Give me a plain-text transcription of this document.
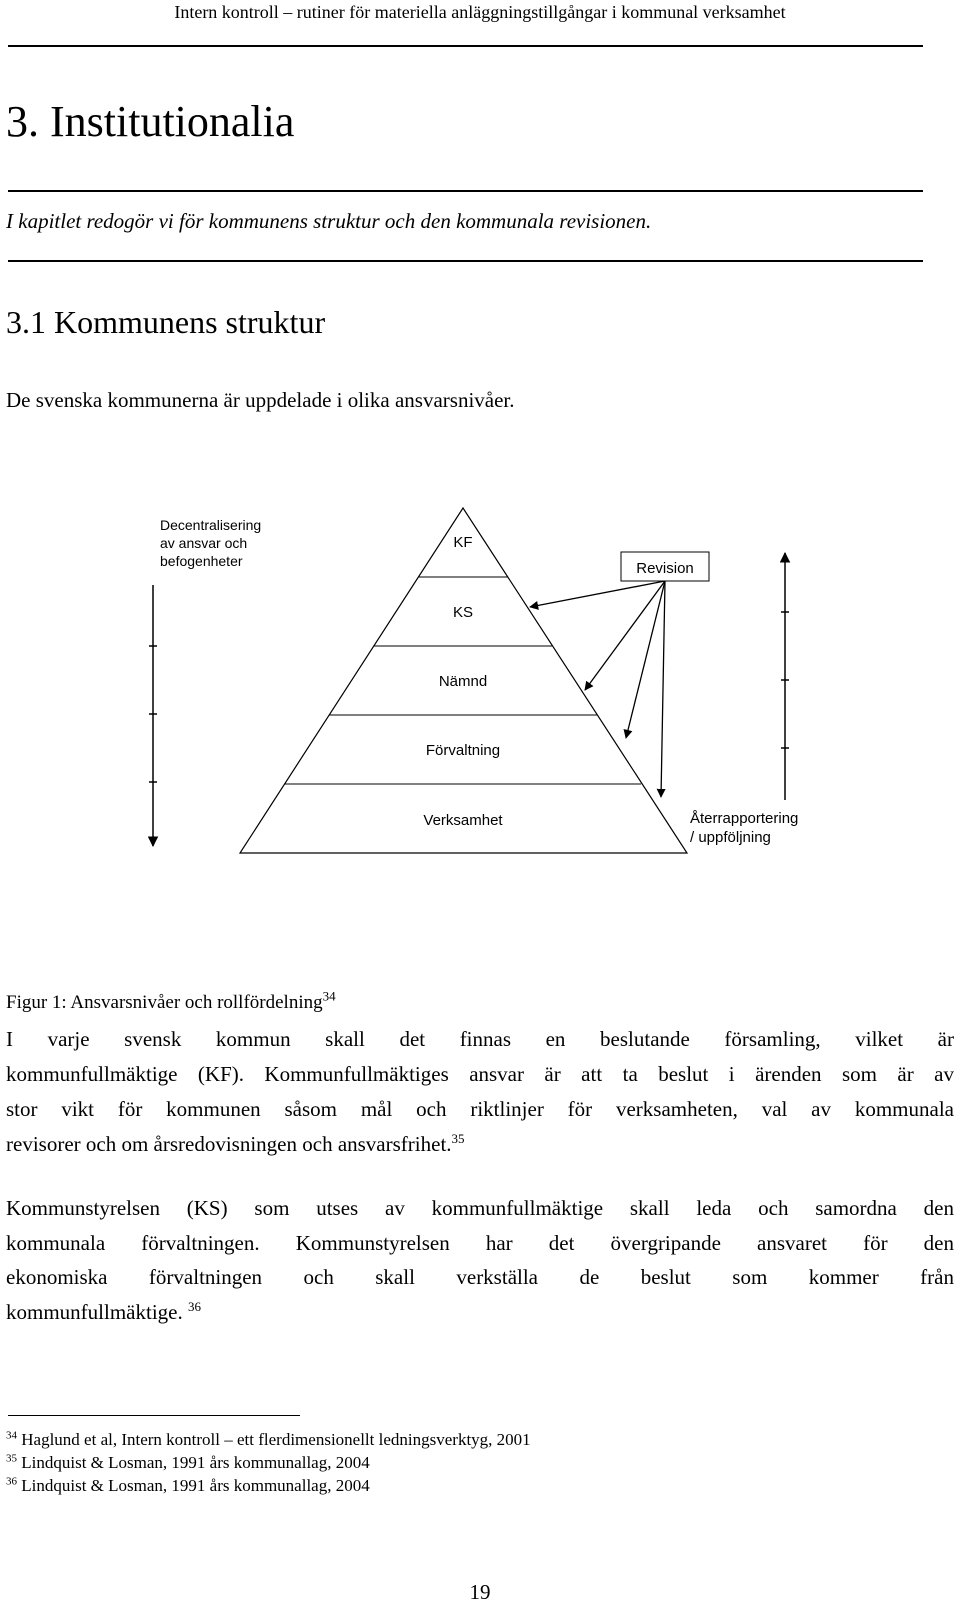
Intern kontroll – rutiner för materiella anläggningstillgångar i kommunal verksamhet
3. Institutionalia
I kapitlet redogör vi för kommunens struktur och den kommunala revisionen.
3.1 Kommunens struktur
De svenska kommunerna är uppdelade i olika ansvarsnivåer.
Decentralisering
av ansvar och
befogenheter
KF
KS
Nämnd
Förvaltning
Verksamhet
Revision
Återrapportering
/ uppföljning
Figur 1: Ansvarsnivåer och rollfördelning$^{34}$
I varje svensk kommun skall det finnas en beslutande församling, vilket är
kommunfullmäktige (KF). Kommunfullmäktiges ansvar är att ta beslut i ärenden som är av
stor vikt för kommunen såsom mål och riktlinjer för verksamheten, val av kommunala
revisorer och om årsredovisningen och ansvarsfrihet.$^{35}$
Kommunstyrelsen (KS) som utses av kommunfullmäktige skall leda och samordna den
kommunala förvaltningen. Kommunstyrelsen har det övergripande ansvaret för den
ekonomiska förvaltningen och skall verkställa de beslut som kommer från
kommunfullmäktige. $^{36}$
$^{34}$ Haglund et al, Intern kontroll – ett flerdimensionellt ledningsverktyg, 2001
$^{35}$ Lindquist & Losman, 1991 års kommunallag, 2004
$^{36}$ Lindquist & Losman, 1991 års kommunallag, 2004
19
